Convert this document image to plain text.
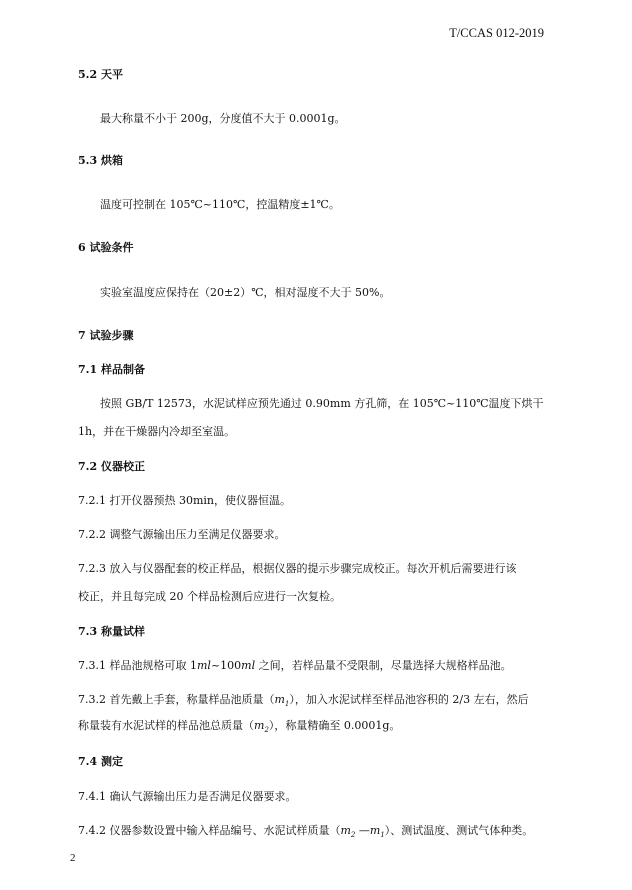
T/CCAS 012-2019
5.2 天平
最大称量不小于 200g，分度值不大于 0.0001g。
5.3 烘箱
温度可控制在 105℃~110℃，控温精度±1℃。
6 试验条件
实验室温度应保持在（20±2）℃，相对湿度不大于 50%。
7 试验步骤
7.1 样品制备
按照 GB/T 12573，水泥试样应预先通过 0.90mm 方孔筛，在 105℃~110℃温度下烘干
1h，并在干燥器内冷却至室温。
7.2 仪器校正
7.2.1 打开仪器预热 30min，使仪器恒温。
7.2.2 调整气源输出压力至满足仪器要求。
7.2.3 放入与仪器配套的校正样品，根据仪器的提示步骤完成校正。每次开机后需要进行该
校正，并且每完成 20 个样品检测后应进行一次复检。
7.3 称量试样
7.3.1 样品池规格可取 1ml~100ml 之间，若样品量不受限制，尽量选择大规格样品池。
7.3.2 首先戴上手套，称量样品池质量$(m_1)$，加入水泥试样至样品池容积的 2/3 左右，然后
称量装有水泥试样的样品池总质量$(m_2)$，称量精确至 0.0001g。
7.4 测定
7.4.1 确认气源输出压力是否满足仪器要求。
7.4.2 仪器参数设置中输入样品编号、水泥试样质量（$m_2$ $—m_1$）、测试温度、测试气体种类。
2
